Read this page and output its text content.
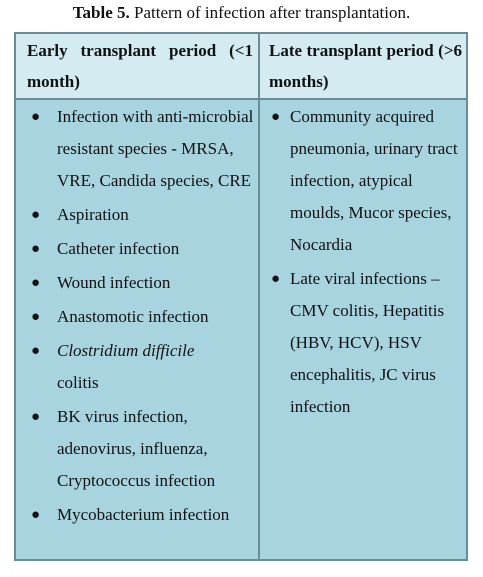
Table 5. Pattern of infection after transplantation.
Early transplant period (<1 month)
Late transplant period (>6 months)
● Infection with anti-microbial resistant species - MRSA, VRE, Candida species, CRE
● Aspiration
● Catheter infection
● Wound infection
● Anastomotic infection
● Clostridium difficile
colitis
● BK virus infection, adenovirus, influenza, Cryptococcus infection
● Mycobacterium infection
● Community acquired pneumonia, urinary tract infection, atypical moulds, Mucor species, Nocardia
● Late viral infections – CMV colitis, Hepatitis (HBV, HCV), HSV encephalitis, JC virus infection
